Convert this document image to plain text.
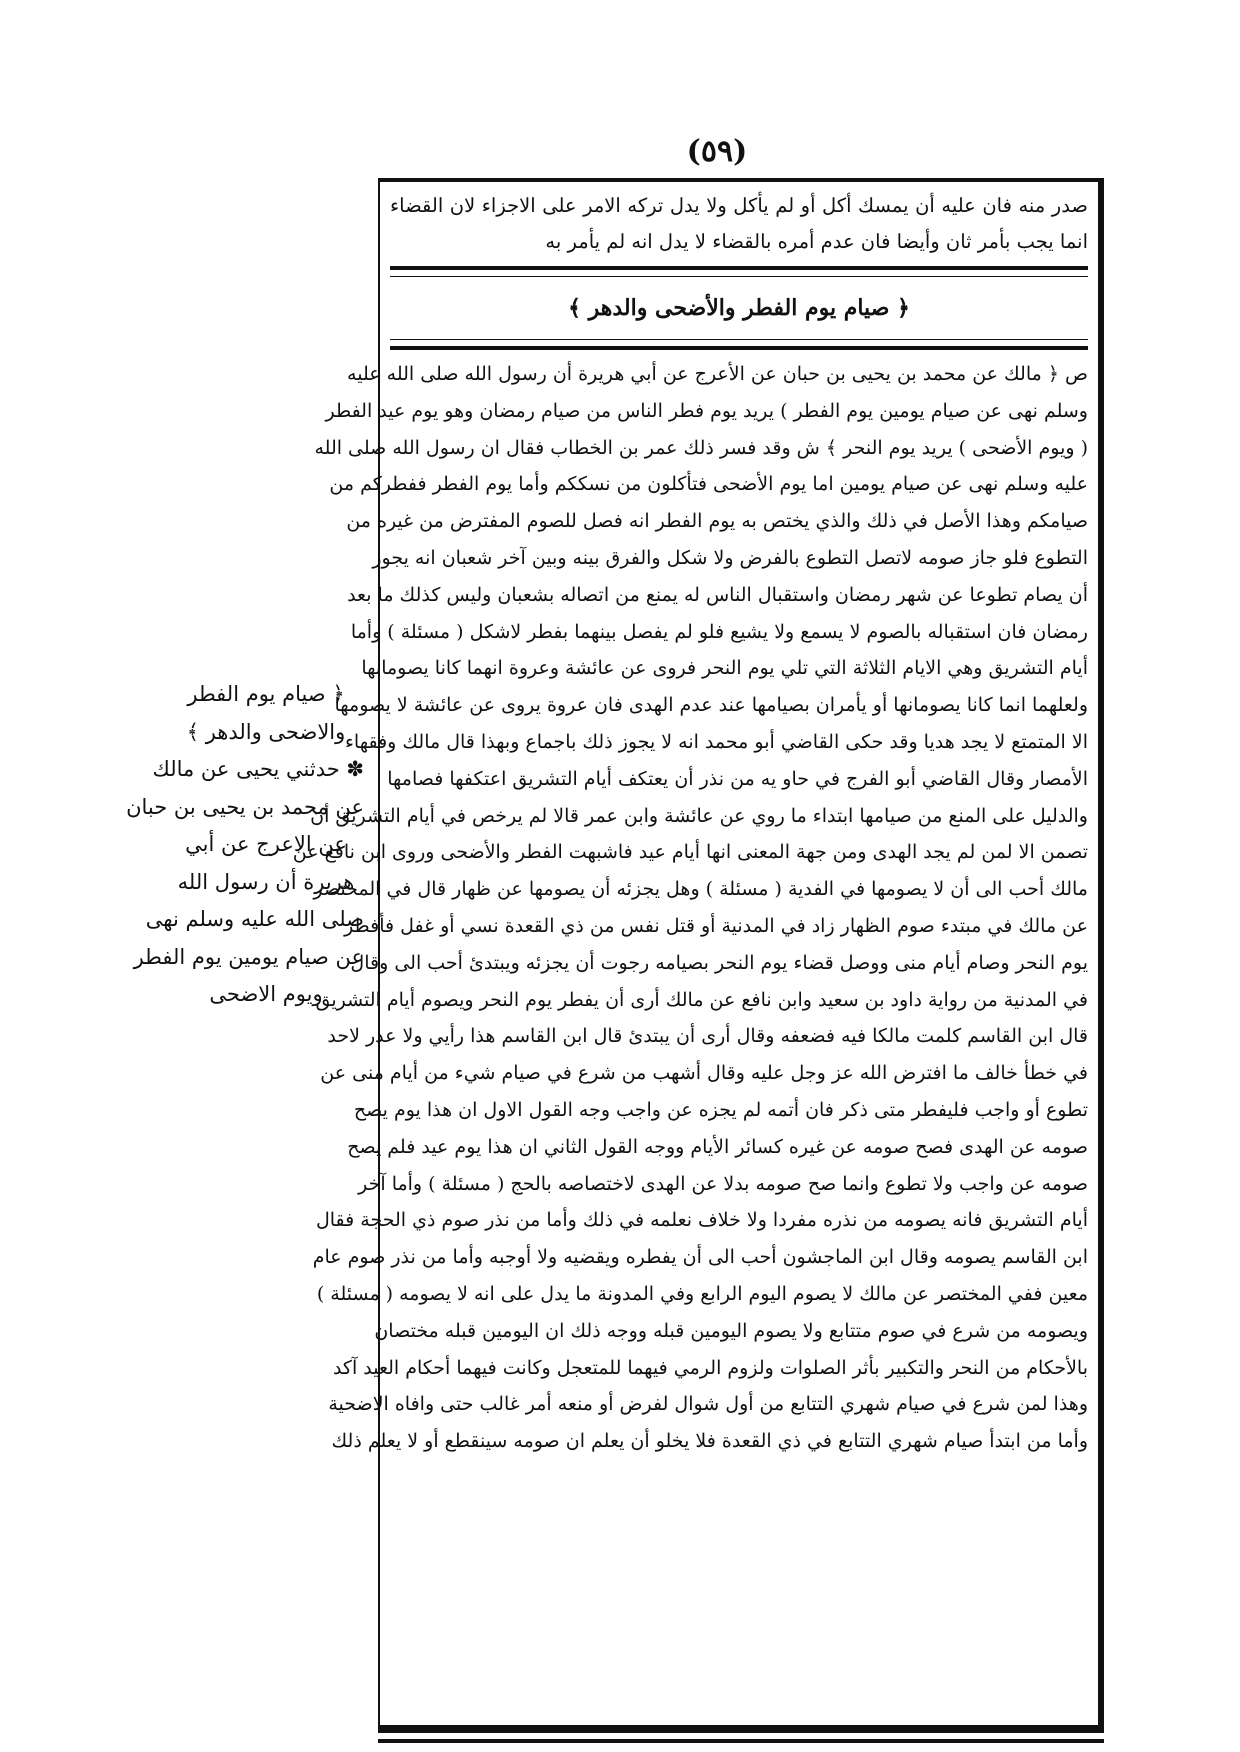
(٥٩)

صدر منه فان عليه أن يمسك أكل أو لم يأكل ولا يدل تركه الامر على الاجزاء لان القضاء انما يجب بأمر ثان وأيضا فان عدم أمره بالقضاء لا يدل انه لم يأمر به

﴿ صيام يوم الفطر والأضحى والدهر ﴾
ص ﴿ مالك عن محمد بن يحيى بن حبان عن الأعرج عن أبي هريرة أن رسول الله صلى الله عليه
وسلم نهى عن صيام يومين يوم الفطر ) يريد يوم فطر الناس من صيام رمضان وهو يوم عيد الفطر
( ويوم الأضحى ) يريد يوم النحر ﴾ ش وقد فسر ذلك عمر بن الخطاب فقال ان رسول الله صلى الله
عليه وسلم نهى عن صيام يومين اما يوم الأضحى فتأكلون من نسككم وأما يوم الفطر ففطركم من
صيامكم وهذا الأصل في ذلك والذي يختص به يوم الفطر انه فصل للصوم المفترض من غيره من
التطوع فلو جاز صومه لاتصل التطوع بالفرض ولا شكل والفرق بينه وبين آخر شعبان انه يجوز
أن يصام تطوعا عن شهر رمضان واستقبال الناس له يمنع من اتصاله بشعبان وليس كذلك ما بعد
رمضان فان استقباله بالصوم لا يسمع ولا يشيع فلو لم يفصل بينهما بفطر لاشكل ( مسئلة ) وأما
أيام التشريق وهي الايام الثلاثة التي تلي يوم النحر فروى عن عائشة وعروة انهما كانا يصومانها
ولعلهما انما كانا يصومانها أو يأمران بصيامها عند عدم الهدى فان عروة يروى عن عائشة لا يصومها
الا المتمتع لا يجد هديا وقد حكى القاضي أبو محمد انه لا يجوز ذلك باجماع وبهذا قال مالك وفقهاء
الأمصار وقال القاضي أبو الفرج في حاو يه من نذر أن يعتكف أيام التشريق اعتكفها فصامها
والدليل على المنع من صيامها ابتداء ما روي عن عائشة وابن عمر قالا لم يرخص في أيام التشريق أن
تصمن الا لمن لم يجد الهدى ومن جهة المعنى انها أيام عيد فاشبهت الفطر والأضحى وروى ابن نافع عن
مالك أحب الى أن لا يصومها في الفدية ( مسئلة ) وهل يجزئه أن يصومها عن ظهار قال في المختصر
عن مالك في مبتدء صوم الظهار زاد في المدنية أو قتل نفس من ذي القعدة نسي أو غفل فأفطر
يوم النحر وصام أيام منى ووصل قضاء يوم النحر بصيامه رجوت أن يجزئه ويبتدئ أحب الى وقال
في المدنية من رواية داود بن سعيد وابن نافع عن مالك أرى أن يفطر يوم النحر ويصوم أيام التشريق
قال ابن القاسم كلمت مالكا فيه فضعفه وقال أرى أن يبتدئ قال ابن القاسم هذا رأيي ولا عذر لاحد
في خطأ خالف ما افترض الله عز وجل عليه وقال أشهب من شرع في صيام شيء من أيام منى عن
تطوع أو واجب فليفطر متى ذكر فان أتمه لم يجزه عن واجب وجه القول الاول ان هذا يوم يصح
صومه عن الهدى فصح صومه عن غيره كسائر الأيام ووجه القول الثاني ان هذا يوم عيد فلم يصح
صومه عن واجب ولا تطوع وانما صح صومه بدلا عن الهدى لاختصاصه بالحج ( مسئلة ) وأما آخر
أيام التشريق فانه يصومه من نذره مفردا ولا خلاف نعلمه في ذلك وأما من نذر صوم ذي الحجة فقال
ابن القاسم يصومه وقال ابن الماجشون أحب الى أن يفطره ويقضيه ولا أوجبه وأما من نذر صوم عام
معين ففي المختصر عن مالك لا يصوم اليوم الرابع وفي المدونة ما يدل على انه لا يصومه ( مسئلة )
ويصومه من شرع في صوم متتابع ولا يصوم اليومين قبله ووجه ذلك ان اليومين قبله مختصان
بالأحكام من النحر والتكبير بأثر الصلوات ولزوم الرمي فيهما للمتعجل وكانت فيهما أحكام العيد آكد
وهذا لمن شرع في صيام شهري التتابع من أول شوال لفرض أو منعه أمر غالب حتى وافاه الاضحية
وأما من ابتدأ صيام شهري التتابع في ذي القعدة فلا يخلو أن يعلم ان صومه سينقطع أو لا يعلم ذلك
﴿ صيام يوم الفطر
والاضحى والدهر ﴾
✽ حدثني يحيى عن مالك
عن محمد بن يحيى بن حبان
عن الاعرج عن أبي
هريرة أن رسول الله
صلى الله عليه وسلم نهى
عن صيام يومين يوم الفطر
ويوم الاضحى
